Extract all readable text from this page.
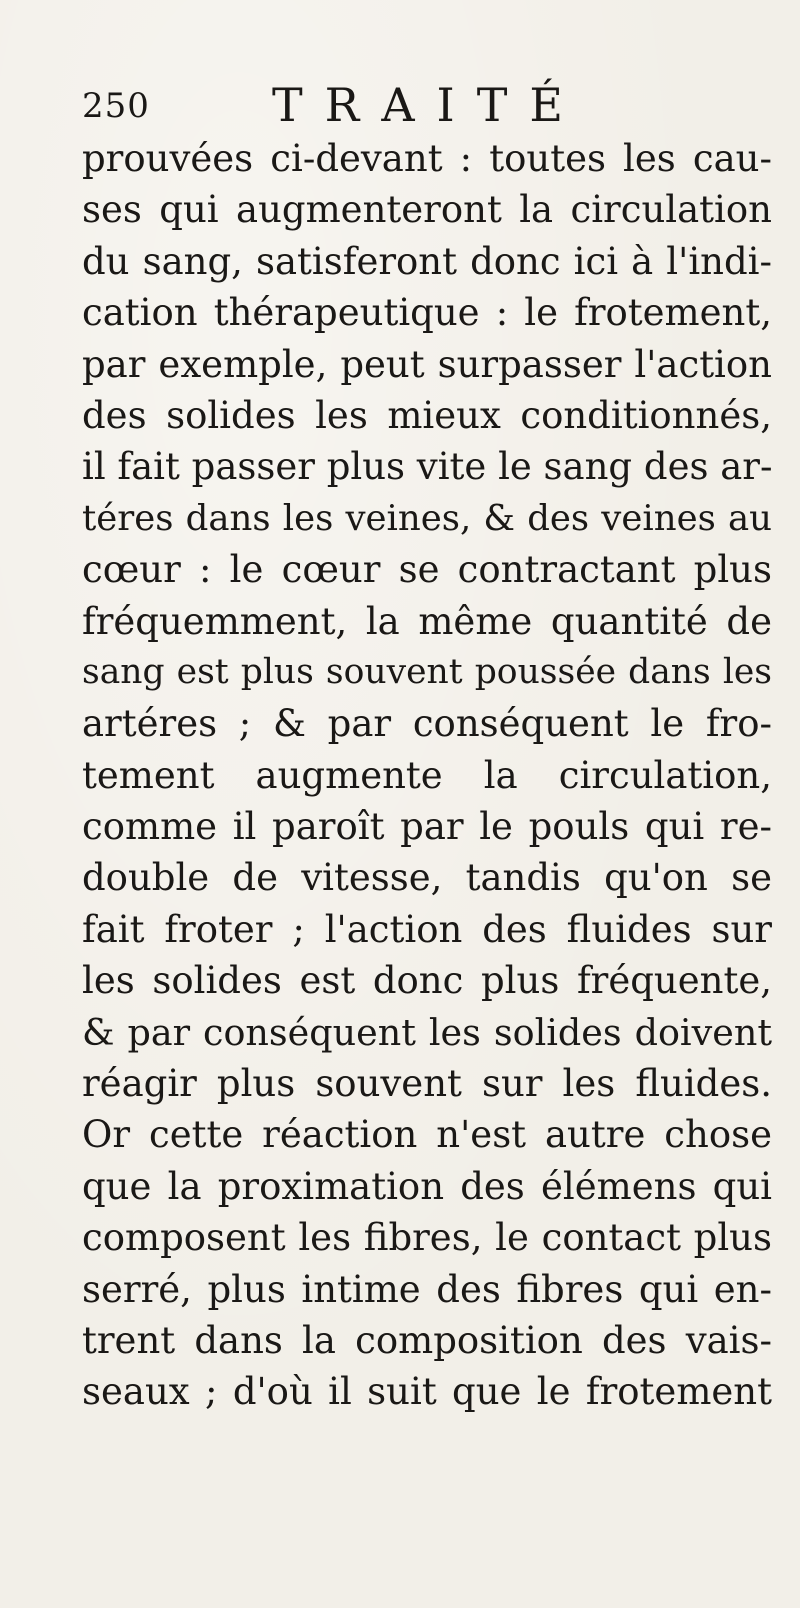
250	TRAITÉ
prouvées ci-devant : toutes les cau-
ses qui augmenteront la circulation
du sang, satisferont donc ici à l'indi-
cation thérapeutique : le frotement,
par exemple, peut surpasser l'action
des solides les mieux conditionnés,
il fait passer plus vite le sang des ar-
téres dans les veines, & des veines au
cœur : le cœur se contractant plus
fréquemment, la même quantité de
sang est plus souvent poussée dans les
artéres ; & par conséquent le fro-
tement augmente la circulation,
comme il paroît par le pouls qui re-
double de vitesse, tandis qu'on se
fait froter ; l'action des fluides sur
les solides est donc plus fréquente,
& par conséquent les solides doivent
réagir plus souvent sur les fluides.
Or cette réaction n'est autre chose
que la proximation des élémens qui
composent les fibres, le contact plus
serré, plus intime des fibres qui en-
trent dans la composition des vais-
seaux ; d'où il suit que le frotement
